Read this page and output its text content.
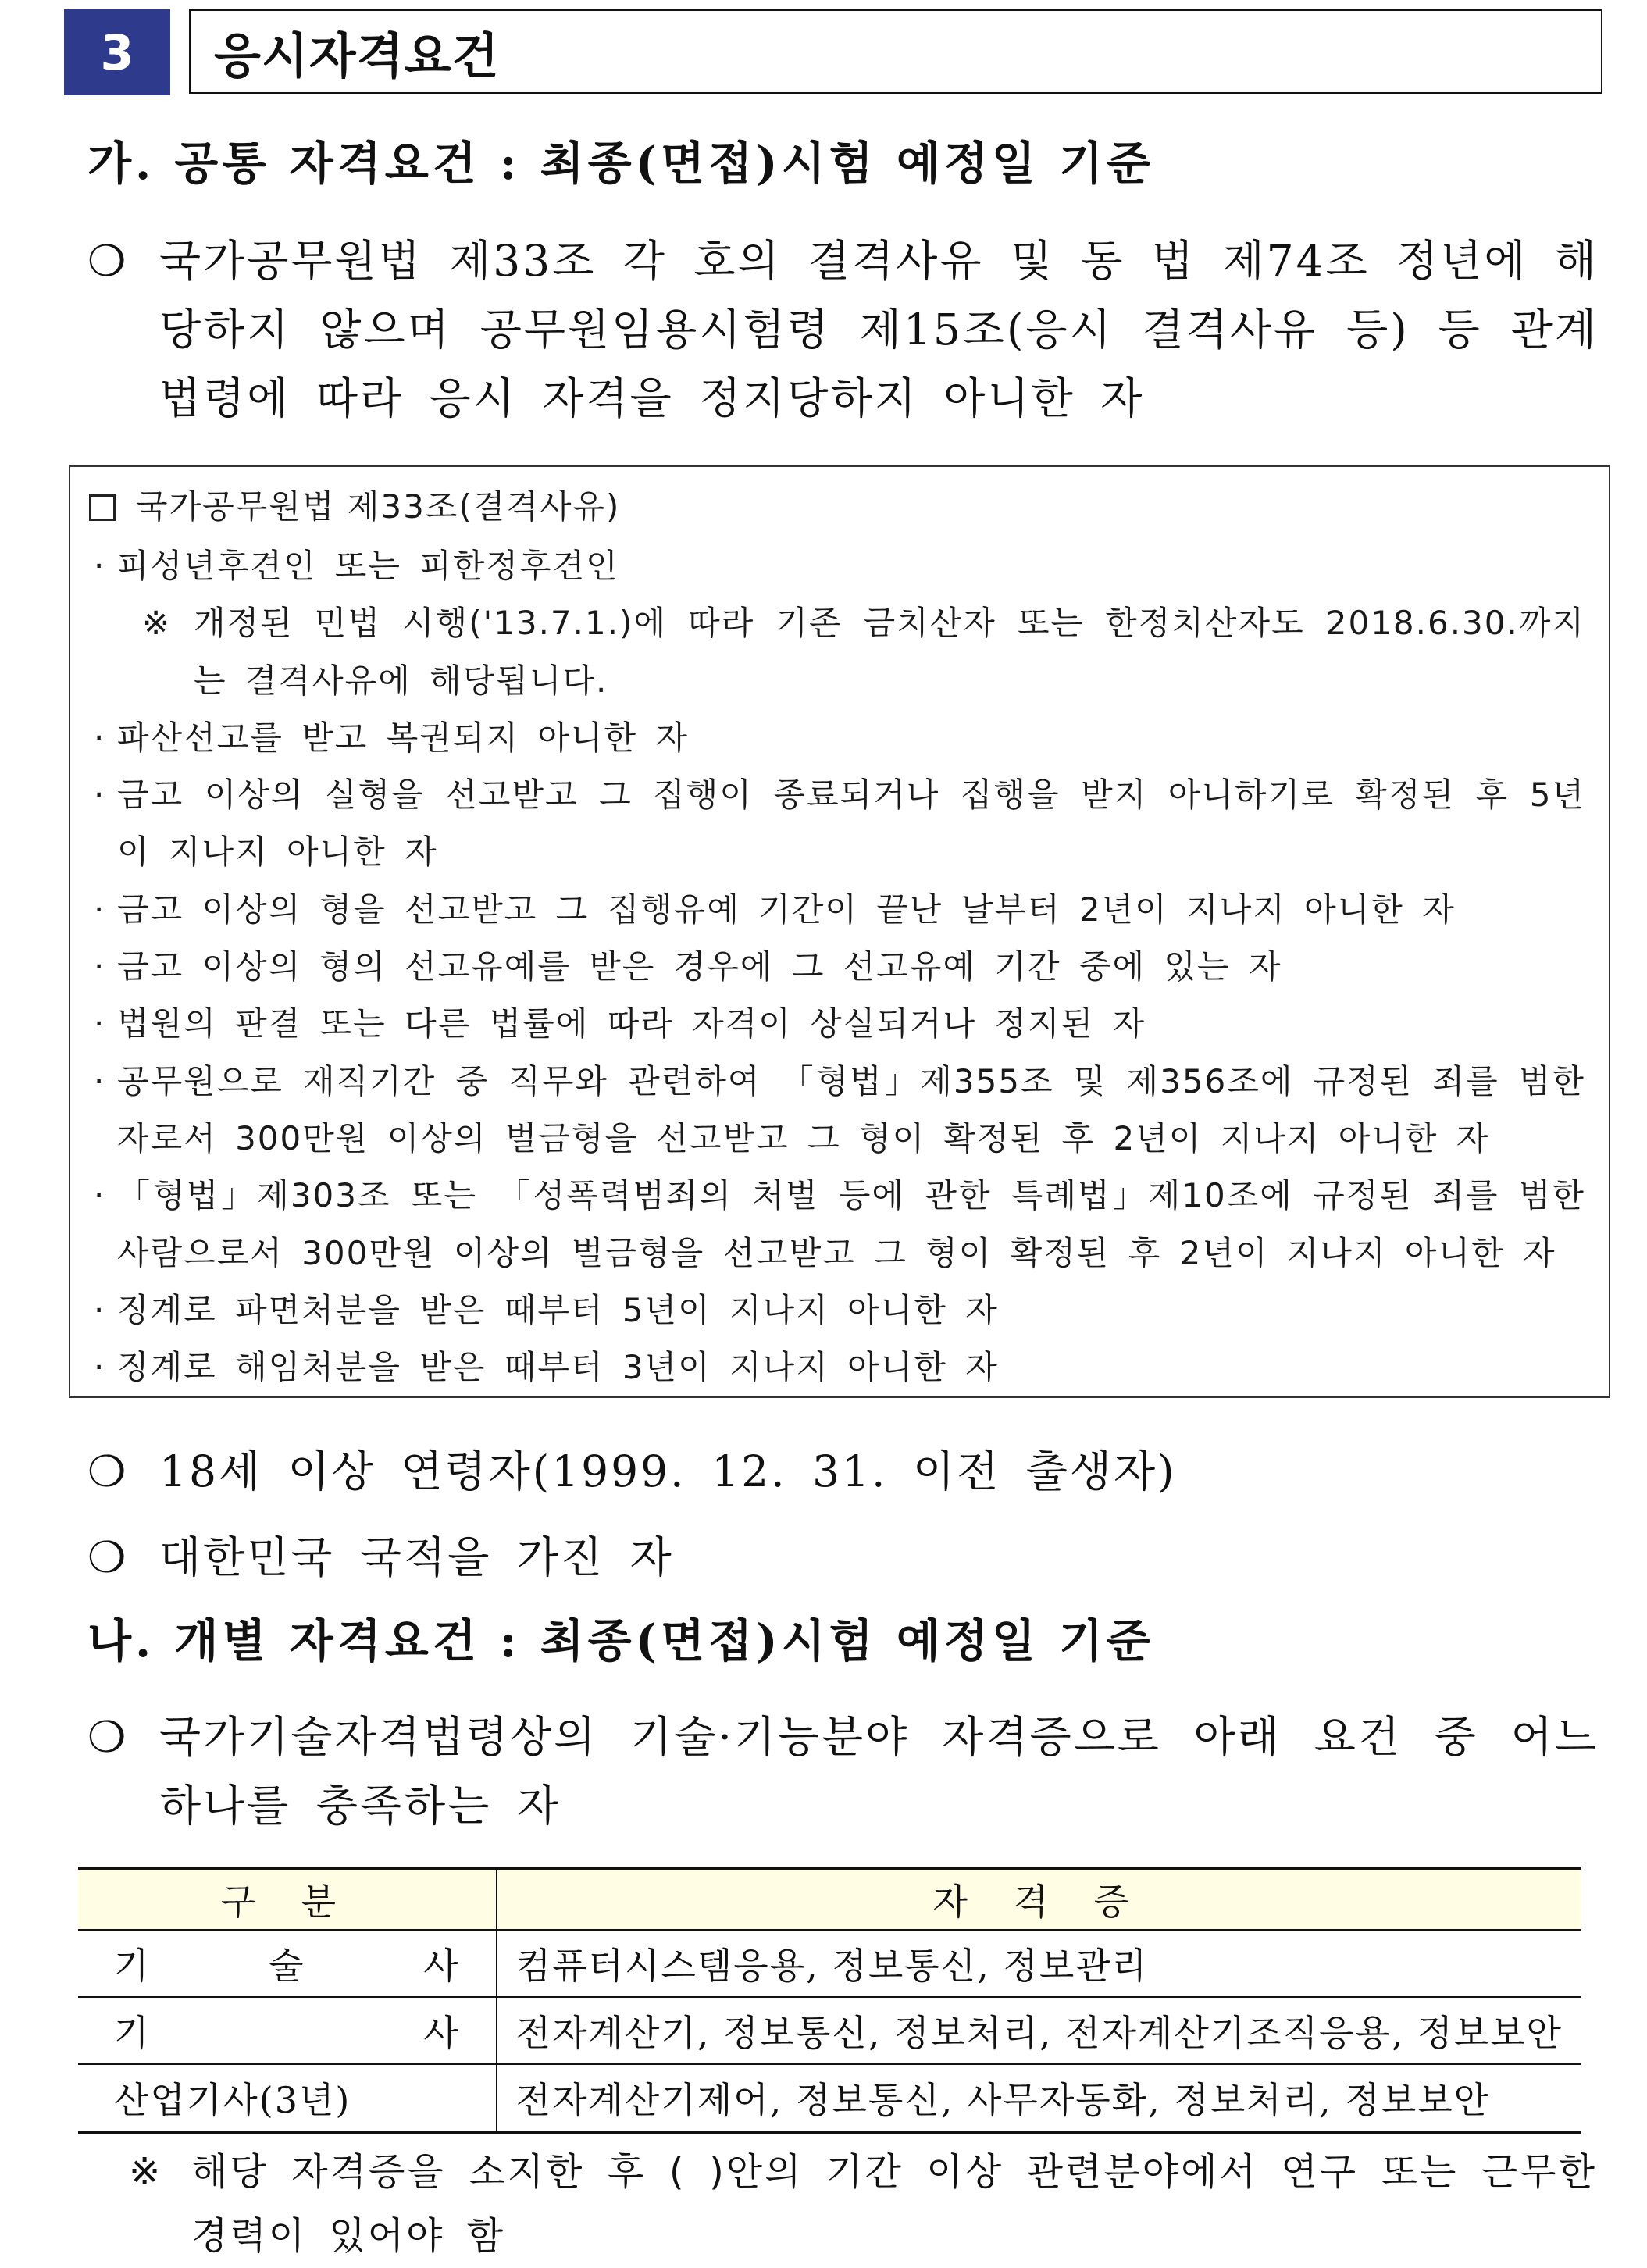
3	응시자격요건
가. 공통 자격요건 : 최종(면접)시험 예정일 기준
❍ 국가공무원법 제33조 각 호의 결격사유 및 동 법 제74조 정년에 해당하지 않으며 공무원임용시험령 제15조(응시 결격사유 등) 등 관계법령에 따라 응시 자격을 정지당하지 아니한 자
국가공무원법 제33조(결격사유)
· 피성년후견인 또는 피한정후견인
※ 개정된 민법 시행('13.7.1.)에 따라 기존 금치산자 또는 한정치산자도 2018.6.30.까지는 결격사유에 해당됩니다.
· 파산선고를 받고 복권되지 아니한 자
· 금고 이상의 실형을 선고받고 그 집행이 종료되거나 집행을 받지 아니하기로 확정된 후 5년이 지나지 아니한 자
· 금고 이상의 형을 선고받고 그 집행유예 기간이 끝난 날부터 2년이 지나지 아니한 자
· 금고 이상의 형의 선고유예를 받은 경우에 그 선고유예 기간 중에 있는 자
· 법원의 판결 또는 다른 법률에 따라 자격이 상실되거나 정지된 자
· 공무원으로 재직기간 중 직무와 관련하여 「형법」제355조 및 제356조에 규정된 죄를 범한 자로서 300만원 이상의 벌금형을 선고받고 그 형이 확정된 후 2년이 지나지 아니한 자
· 「형법」제303조 또는 「성폭력범죄의 처벌 등에 관한 특례법」제10조에 규정된 죄를 범한 사람으로서 300만원 이상의 벌금형을 선고받고 그 형이 확정된 후 2년이 지나지 아니한 자
· 징계로 파면처분을 받은 때부터 5년이 지나지 아니한 자
· 징계로 해임처분을 받은 때부터 3년이 지나지 아니한 자
❍ 18세 이상 연령자(1999. 12. 31. 이전 출생자)
❍ 대한민국 국적을 가진 자
나. 개별 자격요건 : 최종(면접)시험 예정일 기준
❍ 국가기술자격법령상의 기술·기능분야 자격증으로 아래 요건 중 어느 하나를 충족하는 자
구 분	자 격 증
기 술 사	컴퓨터시스템응용, 정보통신, 정보관리
기 사	전자계산기, 정보통신, 정보처리, 전자계산기조직응용, 정보보안
산업기사(3년)	전자계산기제어, 정보통신, 사무자동화, 정보처리, 정보보안
※ 해당 자격증을 소지한 후 ( )안의 기간 이상 관련분야에서 연구 또는 근무한 경력이 있어야 함
